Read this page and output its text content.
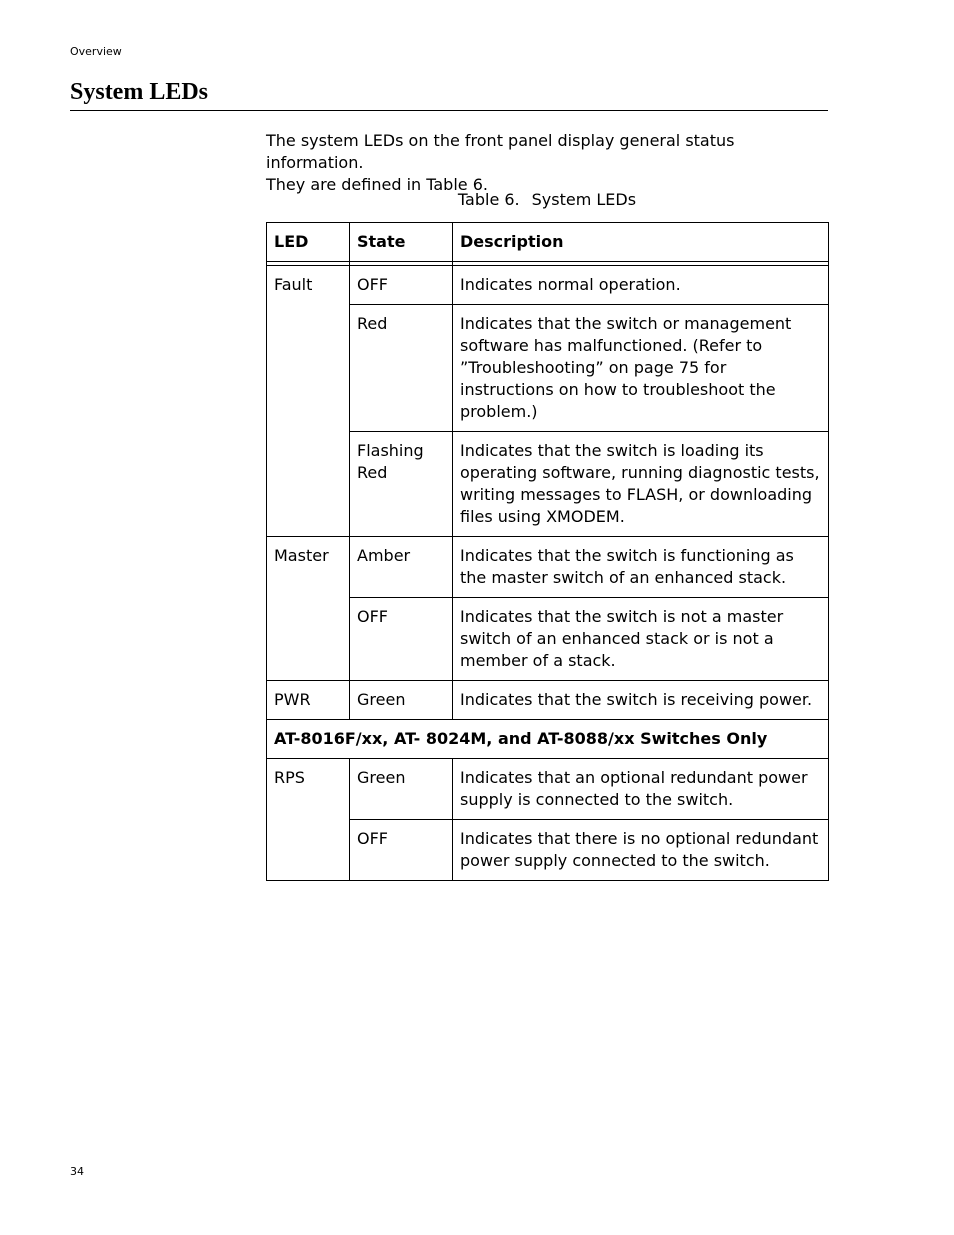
Overview
System LEDs

The system LEDs on the front panel display general status information.
They are defined in Table 6.

Table 6. System LEDs
LED	State	Description

Fault	OFF	Indicates normal operation.
	Red	Indicates that the switch or management software has malfunctioned. (Refer to ”Troubleshooting” on page 75 for instructions on how to troubleshoot the problem.)
	Flashing Red	Indicates that the switch is loading its operating software, running diagnostic tests, writing messages to FLASH, or downloading files using XMODEM.
Master	Amber	Indicates that the switch is functioning as the master switch of an enhanced stack.
	OFF	Indicates that the switch is not a master switch of an enhanced stack or is not a member of a stack.
PWR	Green	Indicates that the switch is receiving power.
AT-8016F/xx, AT- 8024M, and AT-8088/xx Switches Only		
RPS	Green	Indicates that an optional redundant power supply is connected to the switch.
	OFF	Indicates that there is no optional redundant power supply connected to the switch.
34
